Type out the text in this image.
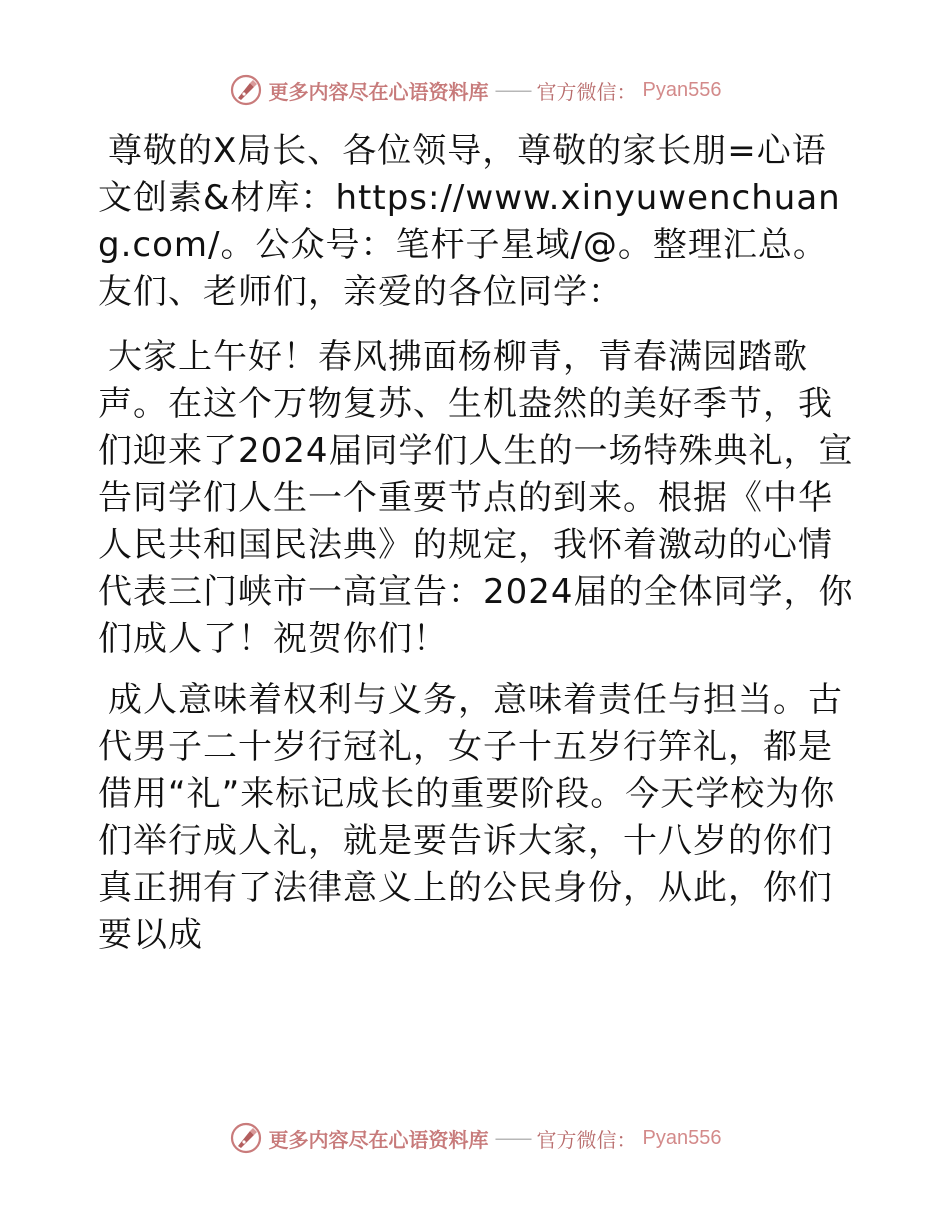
更多内容尽在心语资料库 —— 官方微信： Pyan556

尊敬的X局长、各位领导，尊敬的家长朋=心语文创素&材库：https://www.xinyuwenchuang.com/。公众号：笔杆子星域/@。整理汇总。友们、老师们，亲爱的各位同学：

大家上午好！春风拂面杨柳青，青春满园踏歌声。在这个万物复苏、生机盎然的美好季节，我们迎来了2024届同学们人生的一场特殊典礼，宣告同学们人生一个重要节点的到来。根据《中华人民共和国民法典》的规定，我怀着激动的心情代表三门峡市一高宣告：2024届的全体同学，你们成人了！祝贺你们！

成人意味着权利与义务，意味着责任与担当。古代男子二十岁行冠礼，女子十五岁行笄礼，都是借用“礼”来标记成长的重要阶段。今天学校为你们举行成人礼，就是要告诉大家，十八岁的你们真正拥有了法律意义上的公民身份，从此，你们要以成

更多内容尽在心语资料库 —— 官方微信： Pyan556
